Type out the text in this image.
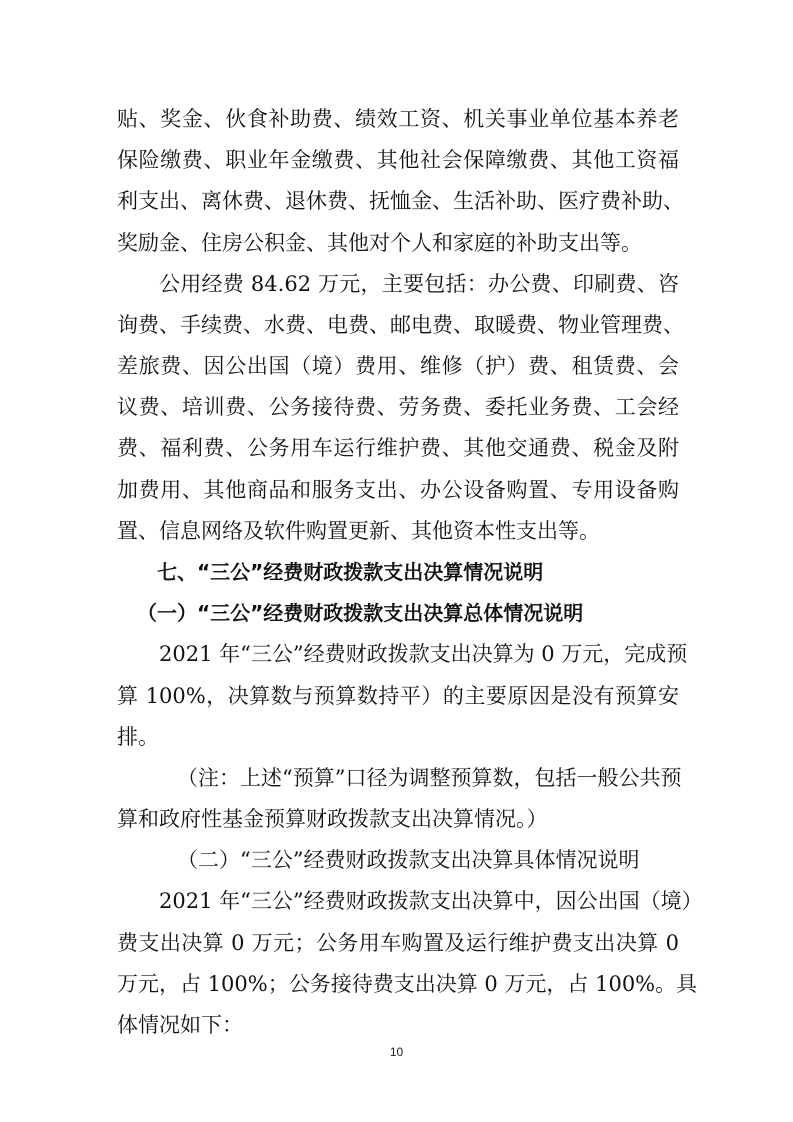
贴、奖金、伙食补助费、绩效工资、机关事业单位基本养老
保险缴费、职业年金缴费、其他社会保障缴费、其他工资福
利支出、离休费、退休费、抚恤金、生活补助、医疗费补助、
奖励金、住房公积金、其他对个人和家庭的补助支出等。
公用经费 84.62 万元，主要包括：办公费、印刷费、咨
询费、手续费、水费、电费、邮电费、取暖费、物业管理费、
差旅费、因公出国（境）费用、维修（护）费、租赁费、会
议费、培训费、公务接待费、劳务费、委托业务费、工会经
费、福利费、公务用车运行维护费、其他交通费、税金及附
加费用、其他商品和服务支出、办公设备购置、专用设备购
置、信息网络及软件购置更新、其他资本性支出等。
七、“三公”经费财政拨款支出决算情况说明
（一）“三公”经费财政拨款支出决算总体情况说明
2021 年“三公”经费财政拨款支出决算为 0 万元，完成预
算 100%，决算数与预算数持平）的主要原因是没有预算安
排。
（注：上述“预算”口径为调整预算数，包括一般公共预
算和政府性基金预算财政拨款支出决算情况。）
（二）“三公”经费财政拨款支出决算具体情况说明
2021 年“三公”经费财政拨款支出决算中，因公出国（境）
费支出决算 0 万元；公务用车购置及运行维护费支出决算 0
万元，占 100%；公务接待费支出决算 0 万元，占 100%。具
体情况如下：
10
